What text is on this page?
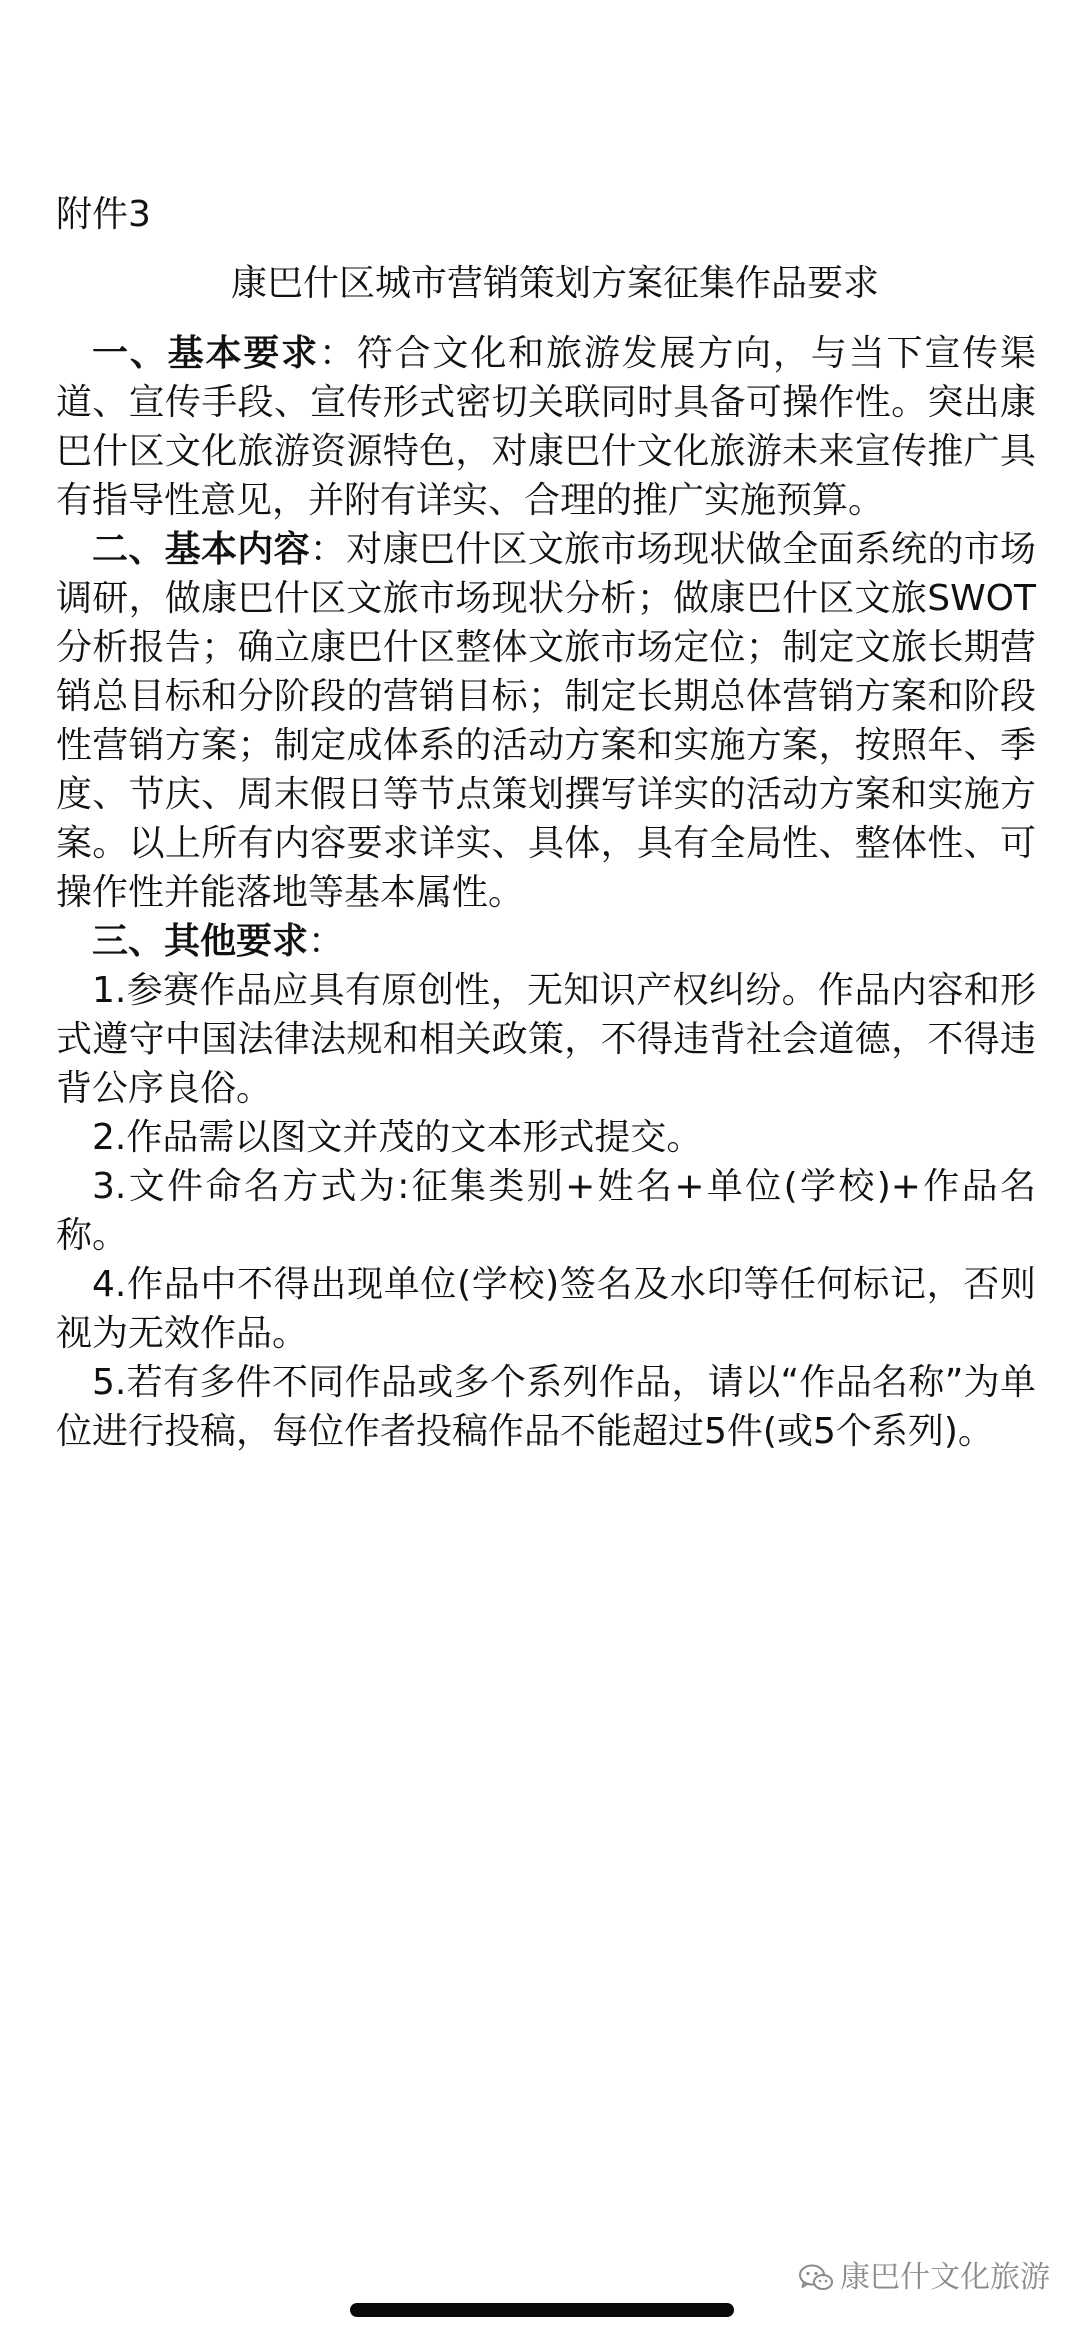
附件3

康巴什区城市营销策划方案征集作品要求

一、基本要求：符合文化和旅游发展方向，与当下宣传渠道、宣传手段、宣传形式密切关联同时具备可操作性。突出康巴什区文化旅游资源特色，对康巴什文化旅游未来宣传推广具有指导性意见，并附有详实、合理的推广实施预算。

二、基本内容：对康巴什区文旅市场现状做全面系统的市场调研，做康巴什区文旅市场现状分析；做康巴什区文旅SWOT分析报告；确立康巴什区整体文旅市场定位；制定文旅长期营销总目标和分阶段的营销目标；制定长期总体营销方案和阶段性营销方案；制定成体系的活动方案和实施方案，按照年、季度、节庆、周末假日等节点策划撰写详实的活动方案和实施方案。以上所有内容要求详实、具体，具有全局性、整体性、可操作性并能落地等基本属性。

三、其他要求：

1.参赛作品应具有原创性，无知识产权纠纷。作品内容和形式遵守中国法律法规和相关政策，不得违背社会道德，不得违背公序良俗。

2.作品需以图文并茂的文本形式提交。

3.文件命名方式为:征集类别+姓名+单位(学校)+作品名称。

4.作品中不得出现单位(学校)签名及水印等任何标记，否则视为无效作品。

5.若有多件不同作品或多个系列作品，请以“作品名称”为单位进行投稿，每位作者投稿作品不能超过5件(或5个系列)。

康巴什文化旅游
